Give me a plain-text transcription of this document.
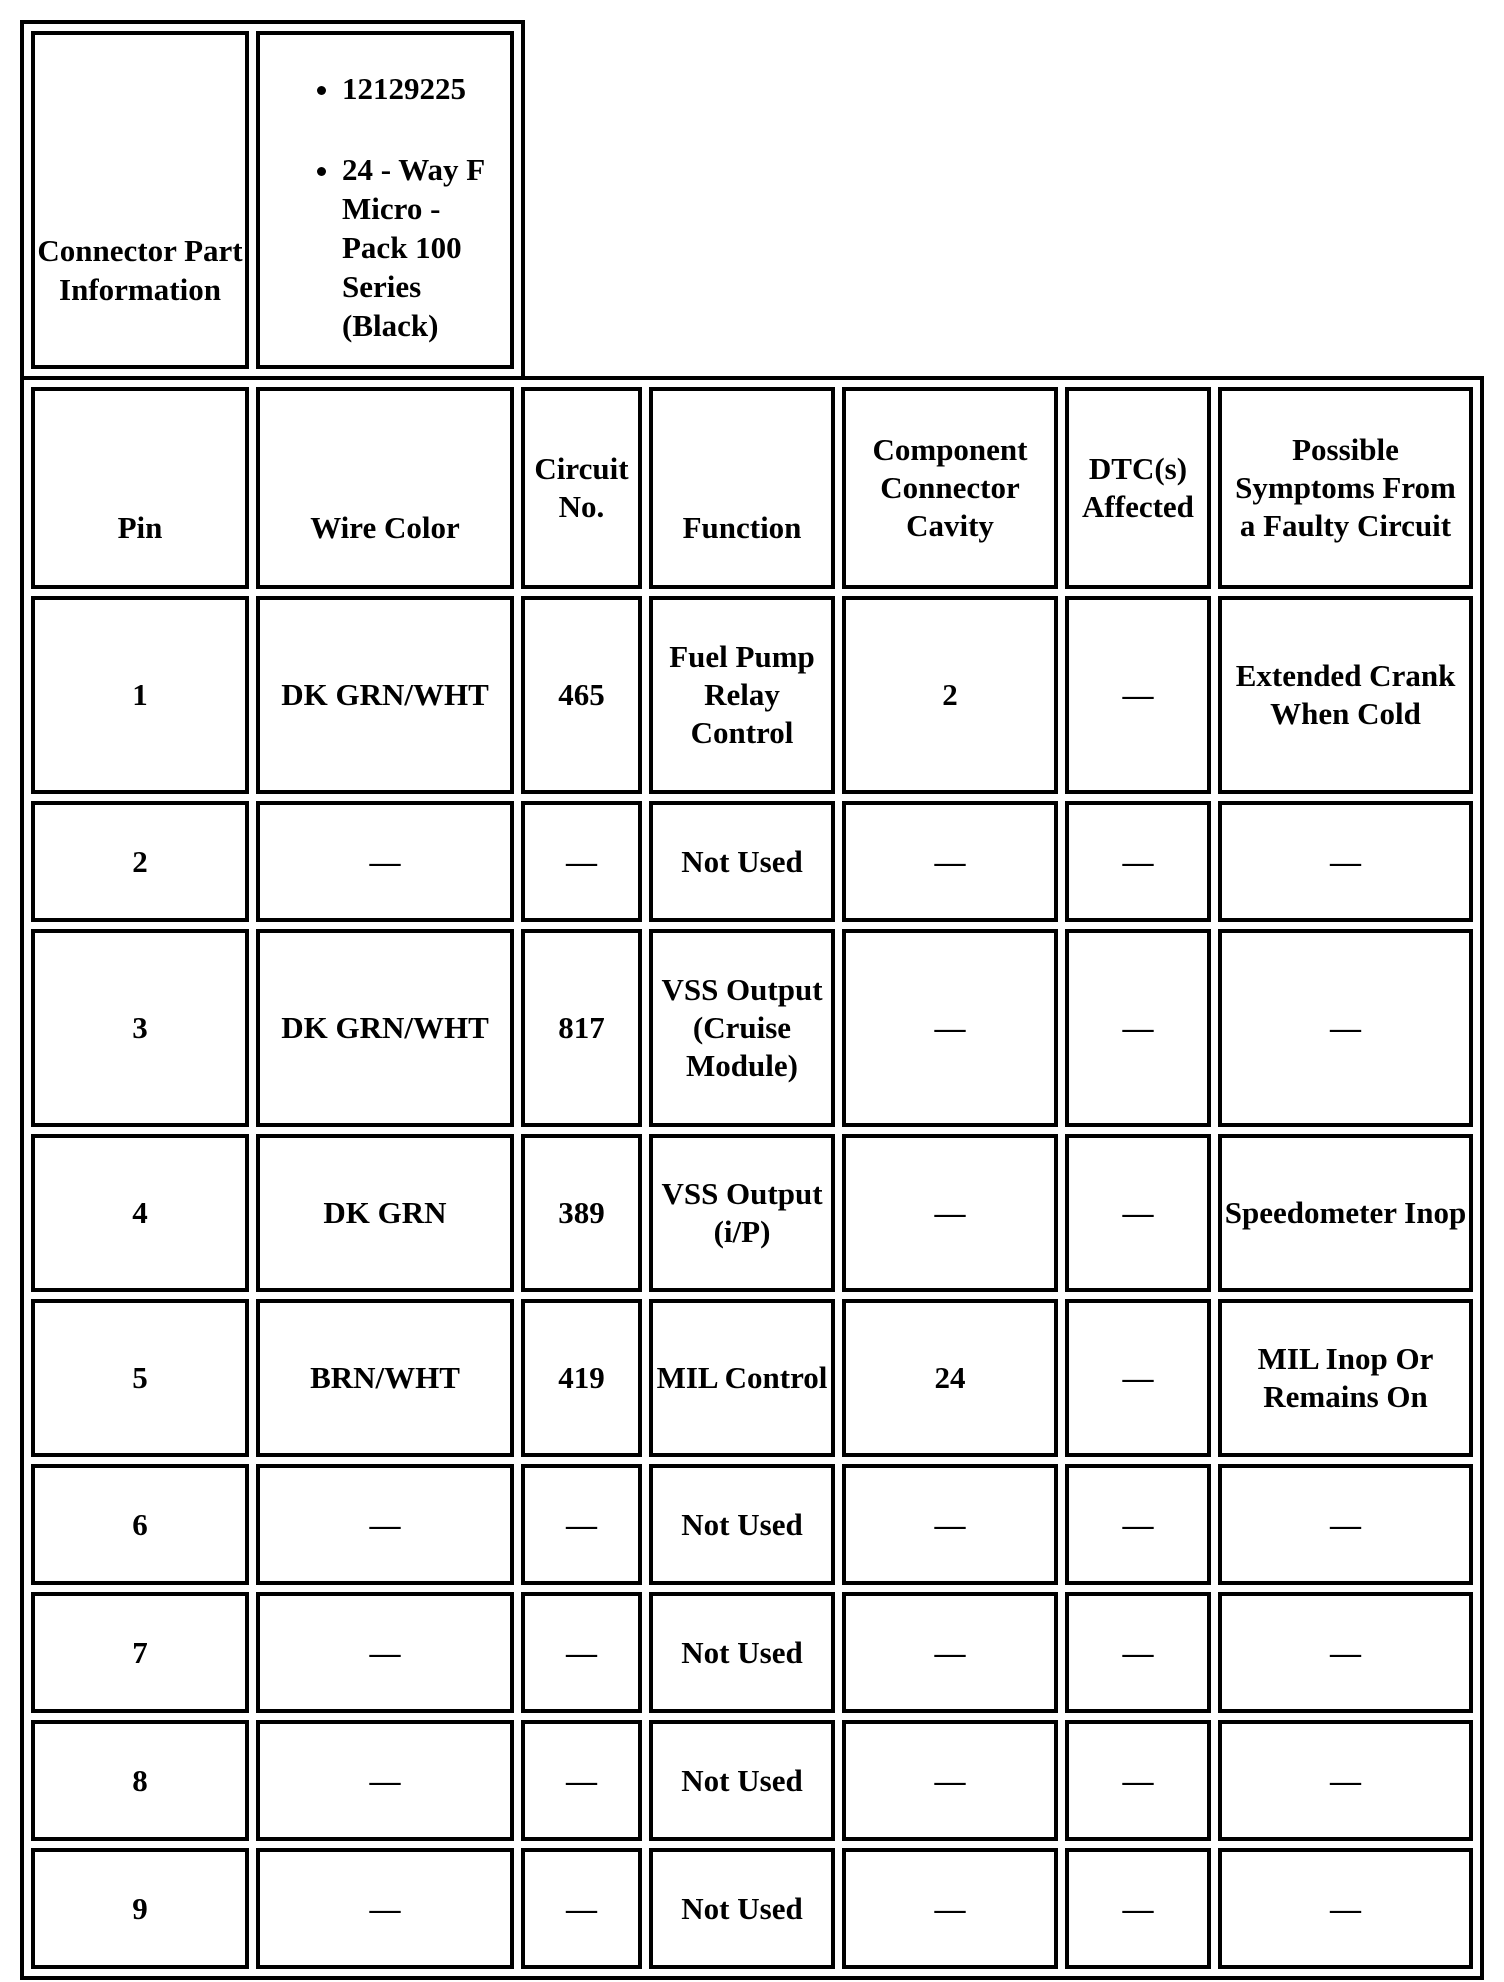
Connector Part Information	
• 12129225
• 24 - Way F Micro - Pack 100 Series (Black)
Pin	Wire Color	Circuit No.	Function	Component Connector Cavity	DTC(s) Affected	Possible Symptoms From a Faulty Circuit
1	DK GRN/WHT	465	Fuel Pump Relay Control	2	—	Extended Crank When Cold
2	—	—	Not Used	—	—	—
3	DK GRN/WHT	817	VSS Output (Cruise Module)	—	—	—
4	DK GRN	389	VSS Output (i/P)	—	—	Speedometer Inop
5	BRN/WHT	419	MIL Control	24	—	MIL Inop Or Remains On
6	—	—	Not Used	—	—	—
7	—	—	Not Used	—	—	—
8	—	—	Not Used	—	—	—
9	—	—	Not Used	—	—	—
